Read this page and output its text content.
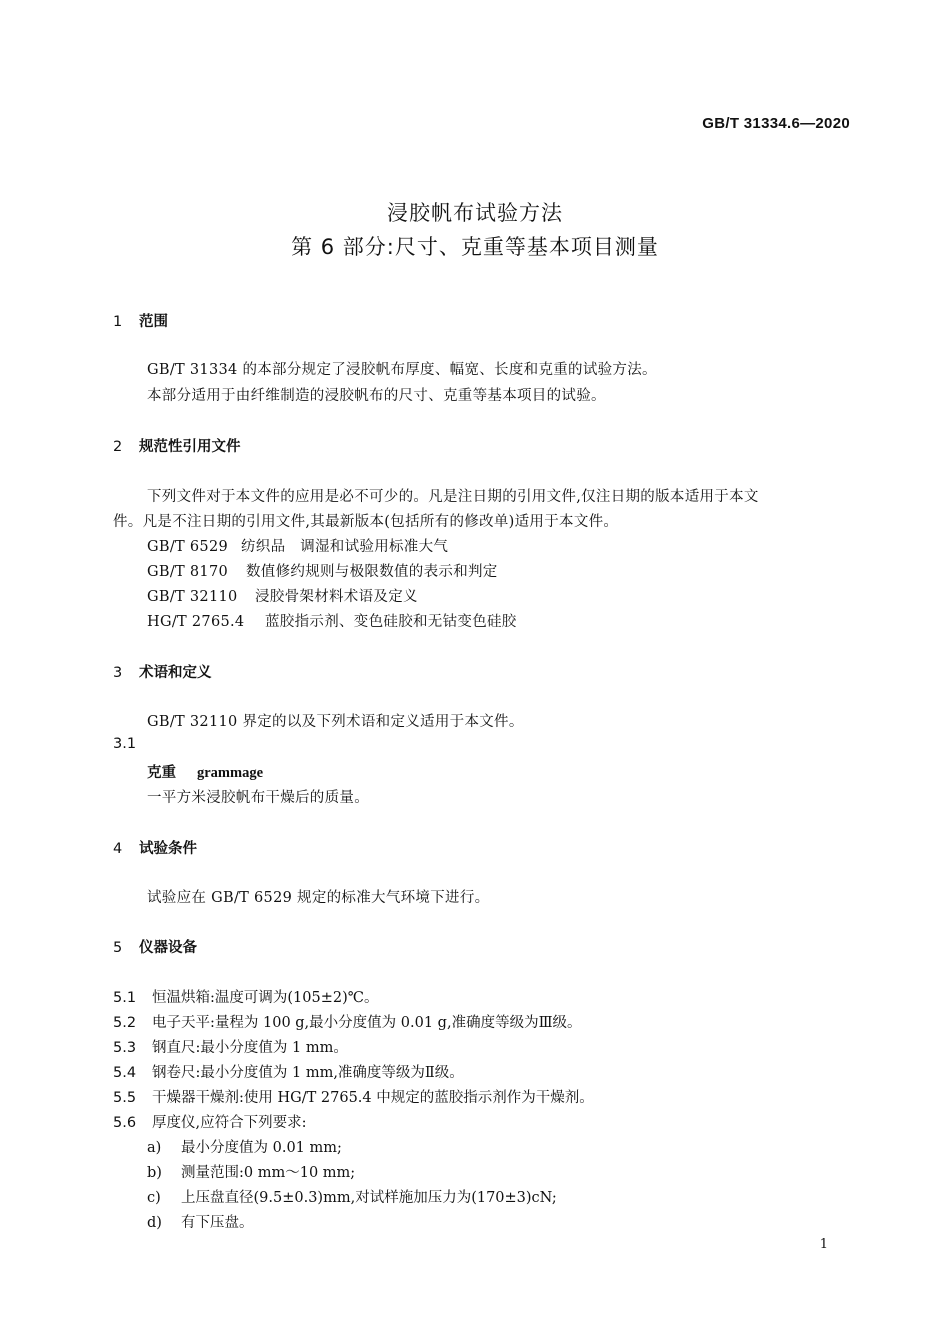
GB/T 31334.6—2020
浸胶帆布试验方法
第 6 部分:尺寸、克重等基本项目测量
1 范围
GB/T 31334 的本部分规定了浸胶帆布厚度、幅宽、长度和克重的试验方法。
本部分适用于由纤维制造的浸胶帆布的尺寸、克重等基本项目的试验。
2 规范性引用文件
下列文件对于本文件的应用是必不可少的。凡是注日期的引用文件,仅注日期的版本适用于本文
件。凡是不注日期的引用文件,其最新版本(包括所有的修改单)适用于本文件。
GB/T 6529 纺织品　调湿和试验用标准大气
GB/T 8170 数值修约规则与极限数值的表示和判定
GB/T 32110 浸胶骨架材料术语及定义
HG/T 2765.4 蓝胶指示剂、变色硅胶和无钴变色硅胶
3 术语和定义
GB/T 32110 界定的以及下列术语和定义适用于本文件。
3.1
克重 grammage
一平方米浸胶帆布干燥后的质量。
4 试验条件
试验应在 GB/T 6529 规定的标准大气环境下进行。
5 仪器设备
5.1 恒温烘箱:温度可调为(105±2)℃。
5.2 电子天平:量程为 100 g,最小分度值为 0.01 g,准确度等级为Ⅲ级。
5.3 钢直尺:最小分度值为 1 mm。
5.4 钢卷尺:最小分度值为 1 mm,准确度等级为Ⅱ级。
5.5 干燥器干燥剂:使用 HG/T 2765.4 中规定的蓝胶指示剂作为干燥剂。
5.6 厚度仪,应符合下列要求:
a) 最小分度值为 0.01 mm;
b) 测量范围:0 mm～10 mm;
c) 上压盘直径(9.5±0.3)mm,对试样施加压力为(170±3)cN;
d) 有下压盘。
1
